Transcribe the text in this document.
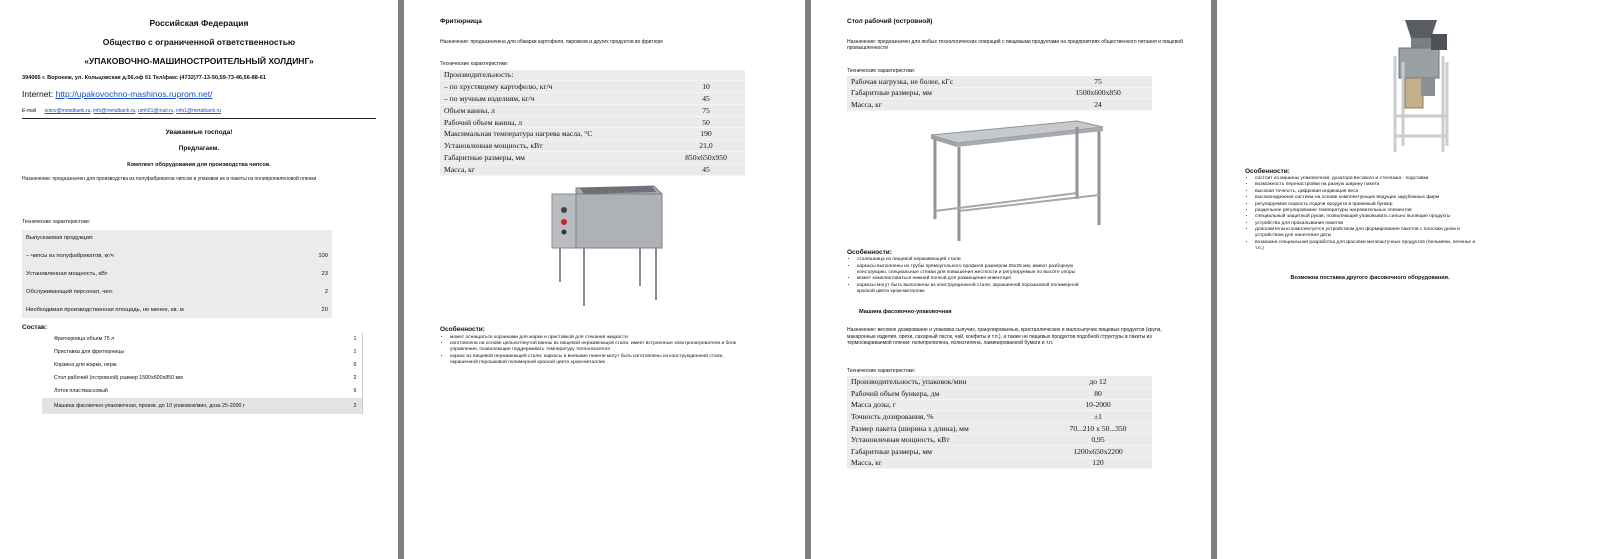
Российская Федерация
Общество с ограниченной ответственностью
«УПАКОВОЧНО-МАШИНОСТРОИТЕЛЬНЫЙ ХОЛДИНГ»
394065 г. Воронеж, ул. Кольцовская д.56,оф 61 Тел/факс (4732)77-13-50,59-73-46,56-88-61
Internet: http://upakovochno-mashinos.ruprom.net/
E-mail sotov@metalbank.ru, info@metalbank.ru, umh01@mail.ru, info1@metalbank.ru
Уважаемые господа!
Предлагаем.
Комплект оборудования для производства чипсов.
Назначение: предназначен для производства из полуфабрикатов чипсов и упаковки их в пакеты из полипропиленовой пленки
Технические характеристики:
Выпускаемая продукция:
– чипсы из полуфабрикатов, кг/ч	100
Установленная мощность, кВт	23
Обслуживающий персонал, чел.	2
Необходимая производственная площадь, не менее, кв. м	20
Состав:
Фритюрница объем 75 л	1
Приставка для фритюрницы	1
Корзина для жарки, нерж.	6
Стол рабочий (островной) размер 1500х600х850 мм	2
Лоток пластмассовый	6
Машина фасовочно-упаковочная, произв. до 10 упаковок/мин, доза 25-2000 г	2
Фритюрница
Назначение: предназначена для обжарки картофеля, пирожков и других продуктов во фритюре
Технические характеристики:
Производительность:
– по хрустящему картофелю, кг/ч	10
– по мучным изделиям, кг/ч	45
Объем ванны, л	75
Рабочий объем ванны, л	50
Максимальная температура нагрева масла, °С	190
Установленная мощность, кВт	21,0
Габаритные размеры, мм	850х650х950
Масса, кг	45
Особенности:
• может оснащаться корзинами для жарки и приставкой для стекания жидкости
• изготовлена на основе цельнотянутой ванны из пищевой нержавеющей стали, имеет встроенные электронагреватели и блок управления, позволяющие поддерживать температуру теплоносителя
• каркас из пищевой нержавеющей стали; каркасы и внешние панели могут быть изготовлены из конструкционной стали, окрашенной порошковой полимерной краской цвета хром-металлик
Стол рабочий (островной)
Назначение: предназначен для любых технологических операций с пищевыми продуктами на предприятиях общественного питания и пищевой промышленности
Технические характеристики:
Рабочая нагрузка, не более, кГс	75
Габаритные размеры, мм	1500х600х850
Масса, кг	24
Особенности:
• столешница из пищевой нержавеющей стали
• каркасы выполнены из трубы прямоугольного профиля размером 25х25 мм, имеют разборную конструкцию, специальные стяжки для повышения жесткости и регулируемые по высоте опоры
• может комплектоваться нижней полкой для размещения инвентаря
• каркасы могут быть выполнены из конструкционной стали, окрашенной порошковой полимерной краской цвета хром-металлик
Машина фасовочно-упаковочная
Назначение: весовое дозирование и упаковка сыпучих, гранулированных, кристаллических и малосыпучих пищевых продуктов (крупа, макаронные изделия, орехи, сахарный песок, чай, конфеты и т.п.), а также не пищевых продуктов подобной структуры в пакеты из термосвариваемой пленки: полипропилена, полиэтилена, ламинированной бумаги и т.п.
Технические характеристики:
Производительность, упаковок/мин	до 12
Рабочий объем бункера, дм	80
Масса дозы, г	10-2000
Точность дозирования, %	±1
Размер пакета (ширина х длина), мм	70...210 х 50...350
Установленная мощность, кВт	0,95
Габаритные размеры, мм	1200х650х2200
Масса, кг	120
Особенности:
• состоит из машины упаковочной, дозатора весового и стеллажа - подставки
• возможность перенастройки на разную ширину пакета
• высокая точность, цифровая индикация веса
• высоконадежная система на основе комплектующих ведущих зарубежных фирм
• регулируемая скорость подачи продукта в приемный бункер
• раздельное регулирование температуры нагревательных элементов
• специальный защитный рукав, позволяющий упаковывать сильно пылящие продукты
• устройство для прокалывания пакетов
• дополнительно комплектуется устройством для формирования пакетов с плоским дном и устройством для нанесения даты
• возможна специальная разработка для фасовки мелкоштучных продуктов (пельмени, печенье и т.п.)
Возможна поставка другого фасовочного оборудования.
